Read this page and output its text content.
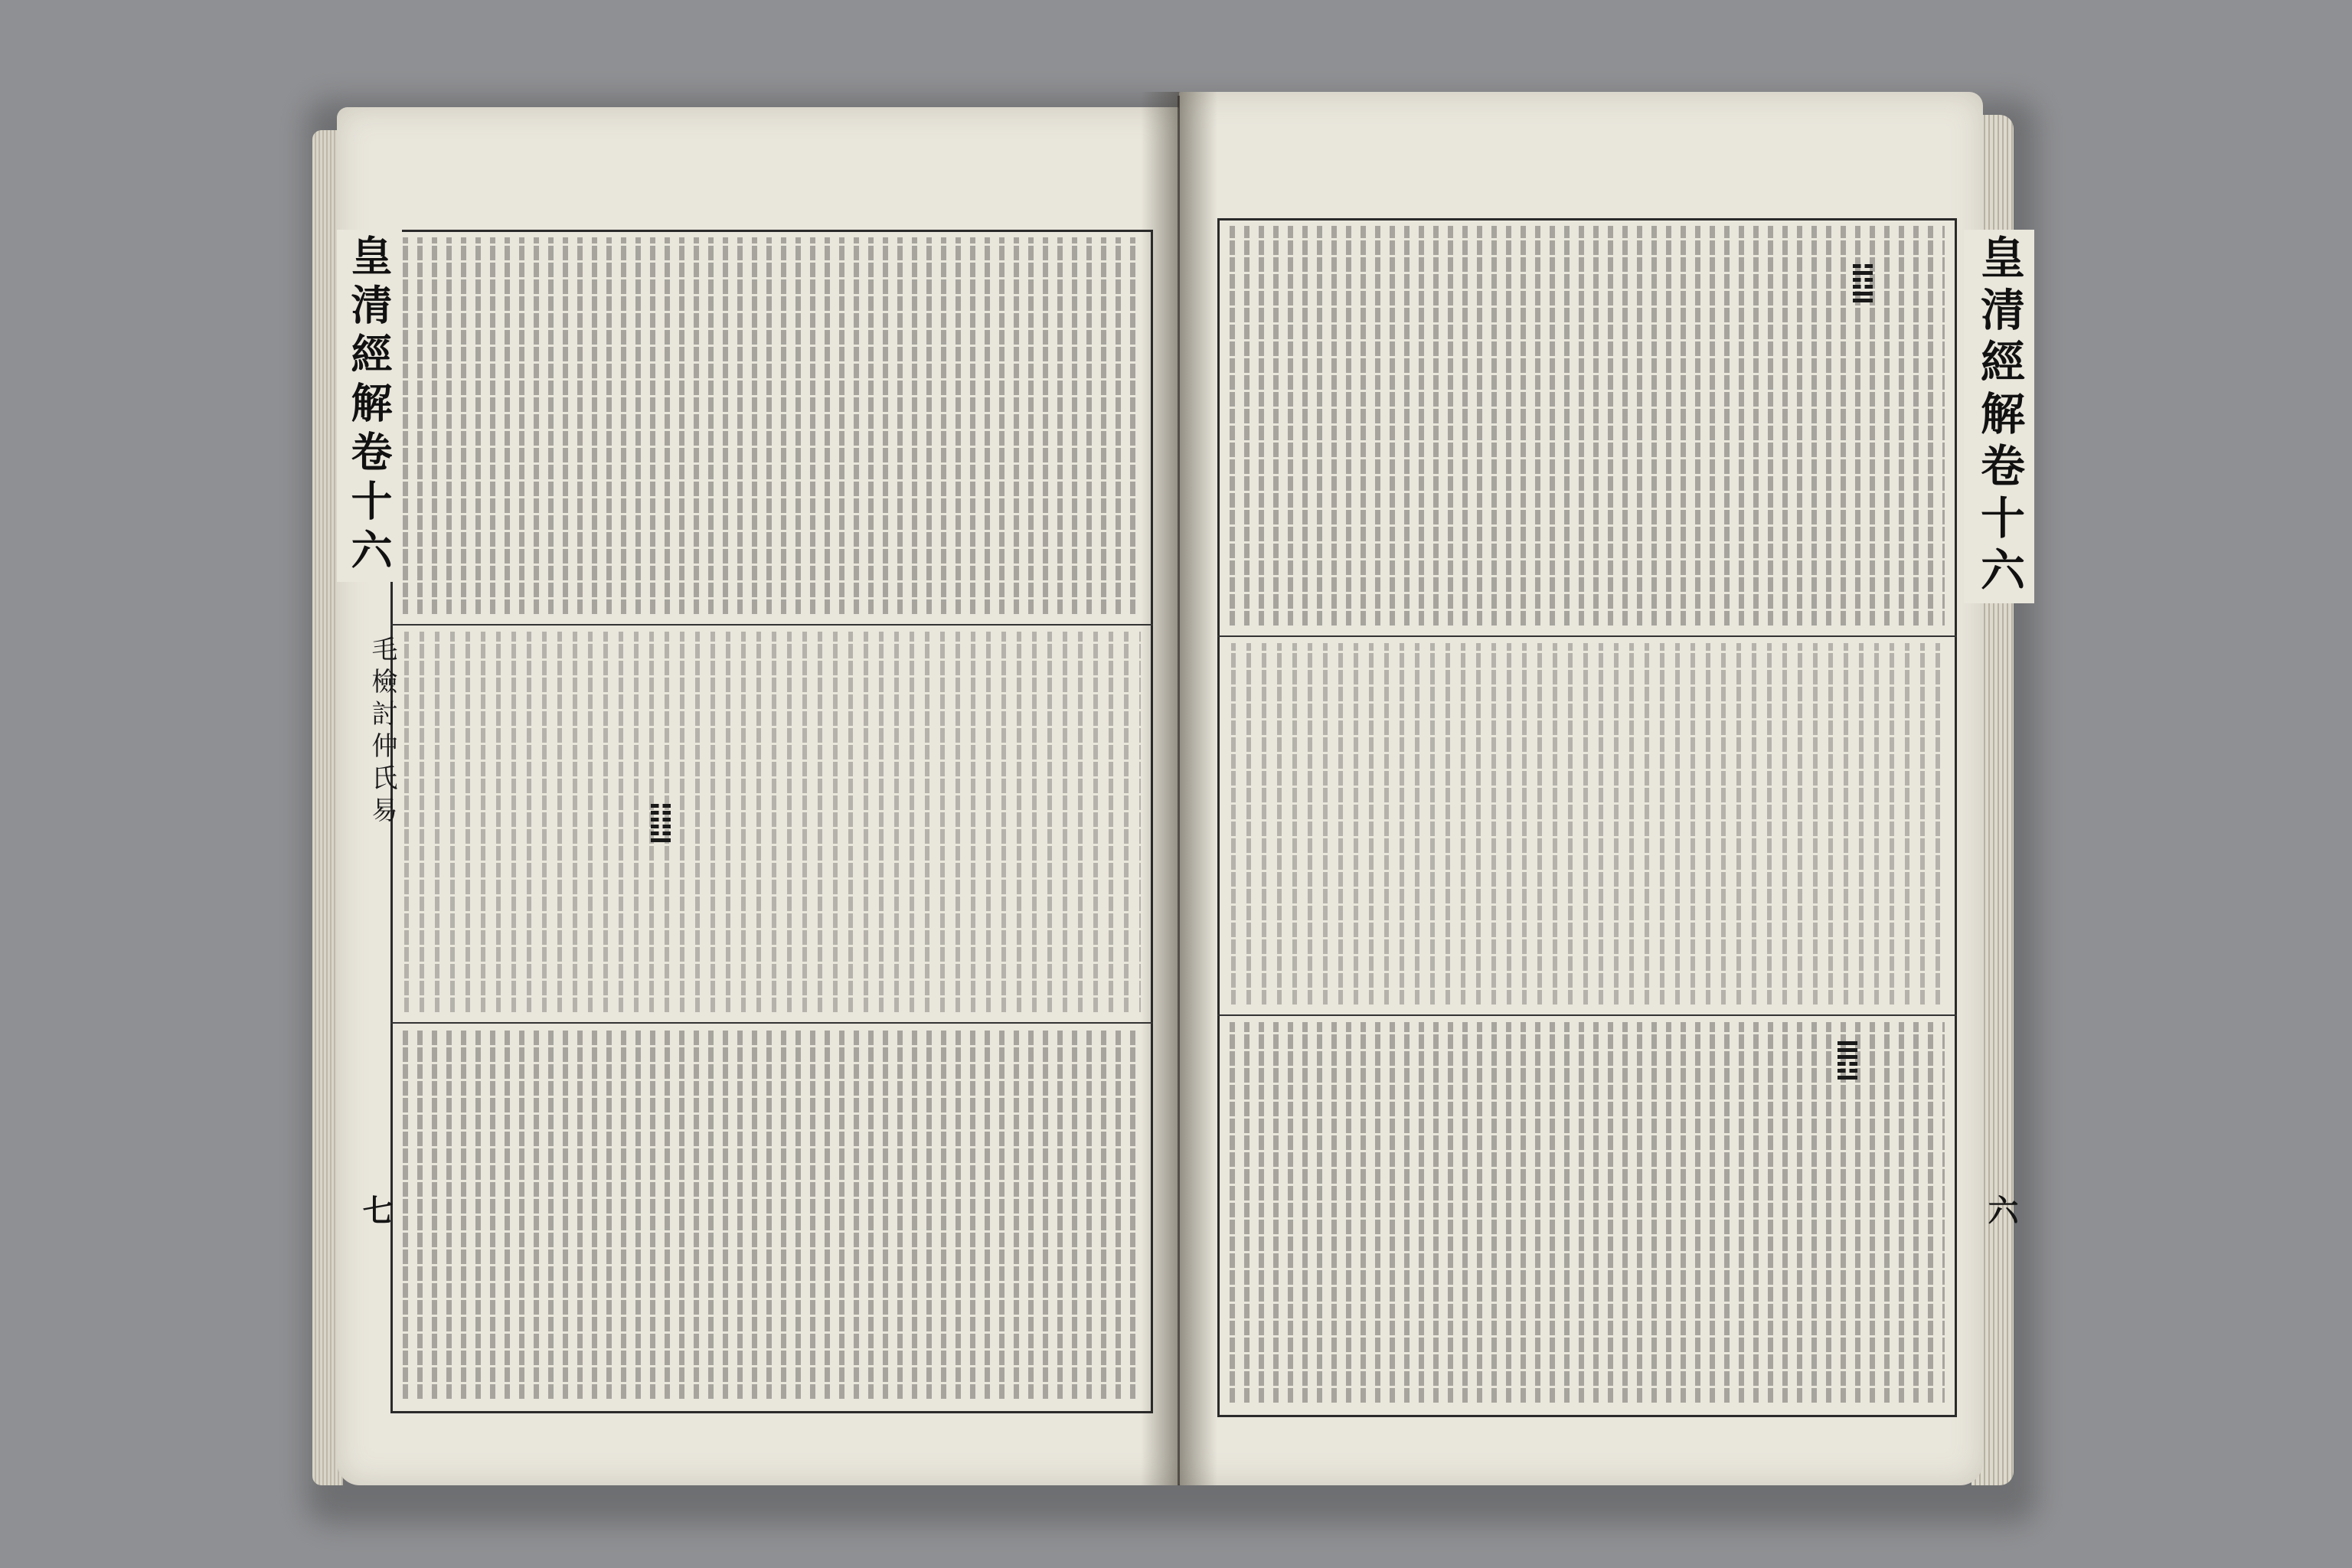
皇清經解卷十六
毛檢討仲氏易
七
皇清經解卷十六
六
